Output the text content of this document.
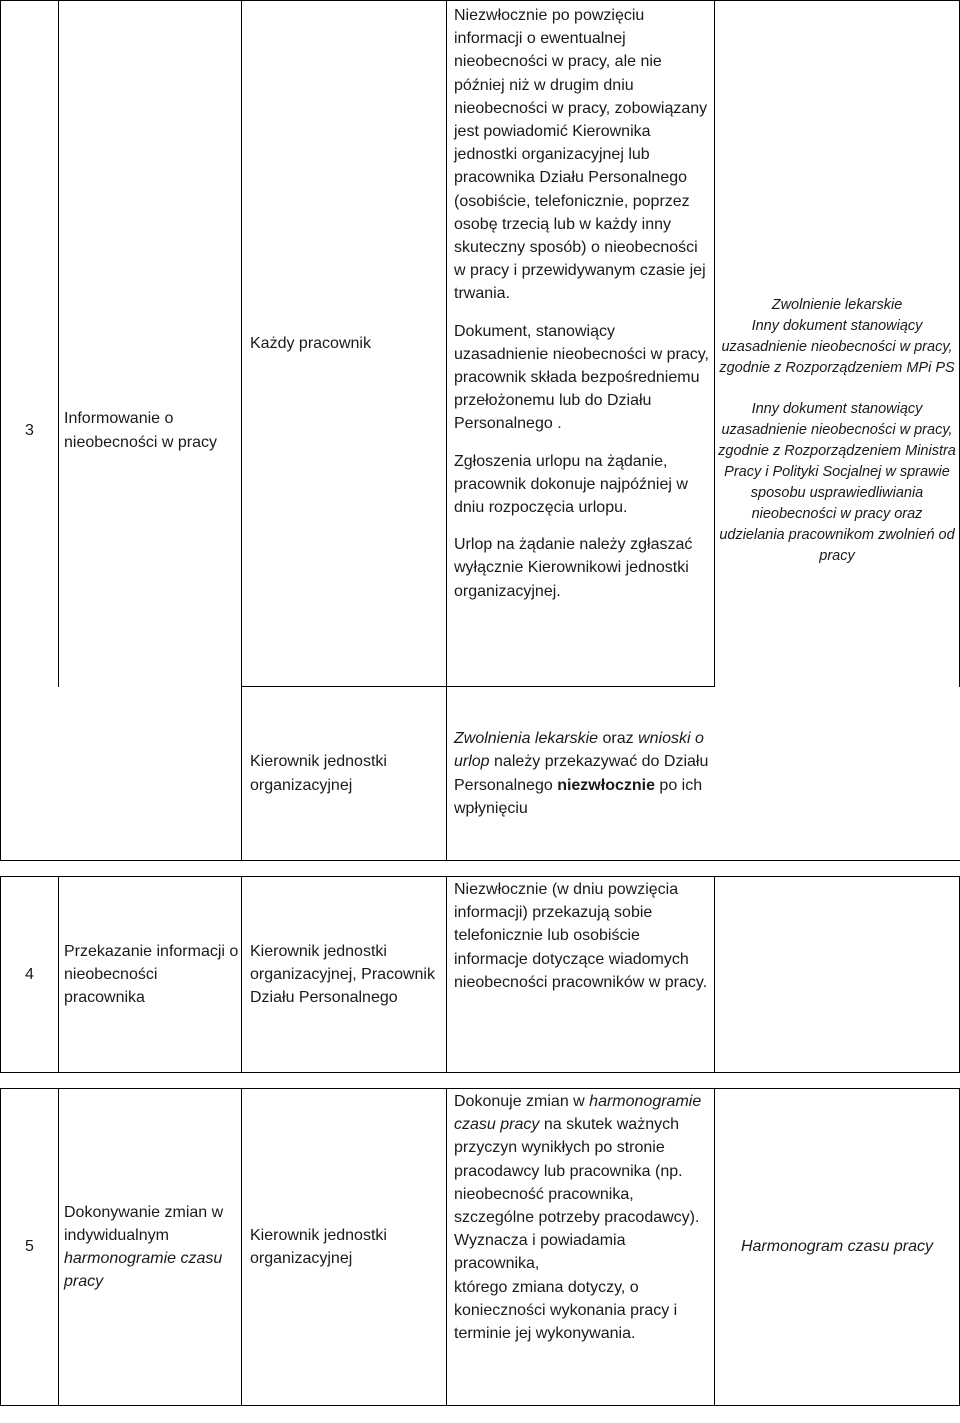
3
Informowanie o nieobecności w pracy
Każdy pracownik

Niezwłocznie po powzięciu informacji o ewentualnej nieobecności w pracy, ale nie później niż w drugim dniu nieobecności w pracy, zobowiązany jest powiadomić Kierownika jednostki organizacyjnej lub pracownika Działu Personalnego (osobiście, telefonicznie, poprzez osobę trzecią lub w każdy inny skuteczny sposób) o nieobecności w pracy i przewidywanym czasie jej trwania.

Dokument, stanowiący uzasadnienie nieobecności w pracy, pracownik składa bezpośredniemu przełożonemu lub do Działu Personalnego .

Zgłoszenia urlopu na żądanie, pracownik dokonuje najpóźniej w dniu rozpoczęcia urlopu.

Urlop na żądanie należy zgłaszać wyłącznie Kierownikowi jednostki organizacyjnej.

Zwolnienie lekarskie

Inny dokument stanowiący uzasadnienie nieobecności w pracy, zgodnie z Rozporządzeniem MPi PS

Inny dokument stanowiący uzasadnienie nieobecności w pracy, zgodnie z Rozporządzeniem Ministra Pracy i Polityki Socjalnej w sprawie sposobu usprawiedliwiania nieobecności w pracy oraz udzielania pracownikom zwolnień od pracy

Kierownik jednostki organizacyjnej

Zwolnienia lekarskie oraz wnioski o urlop należy przekazywać do Działu Personalnego niezwłocznie po ich wpłynięciu

4
Przekazanie informacji o nieobecności pracownika
Kierownik jednostki organizacyjnej, Pracownik Działu Personalnego

Niezwłocznie (w dniu powzięcia informacji) przekazują sobie telefonicznie lub osobiście informacje dotyczące wiadomych nieobecności pracowników w pracy.

5

Dokonywanie zmian w indywidualnym harmonogramie czasu pracy

Kierownik jednostki organizacyjnej

Dokonuje zmian w harmonogramie czasu pracy na skutek ważnych przyczyn wynikłych po stronie pracodawcy lub pracownika (np. nieobecność pracownika, szczególne potrzeby pracodawcy).

Wyznacza i powiadamia pracownika,

którego zmiana dotyczy, o konieczności wykonania pracy i terminie jej wykonywania.

Harmonogram czasu pracy
